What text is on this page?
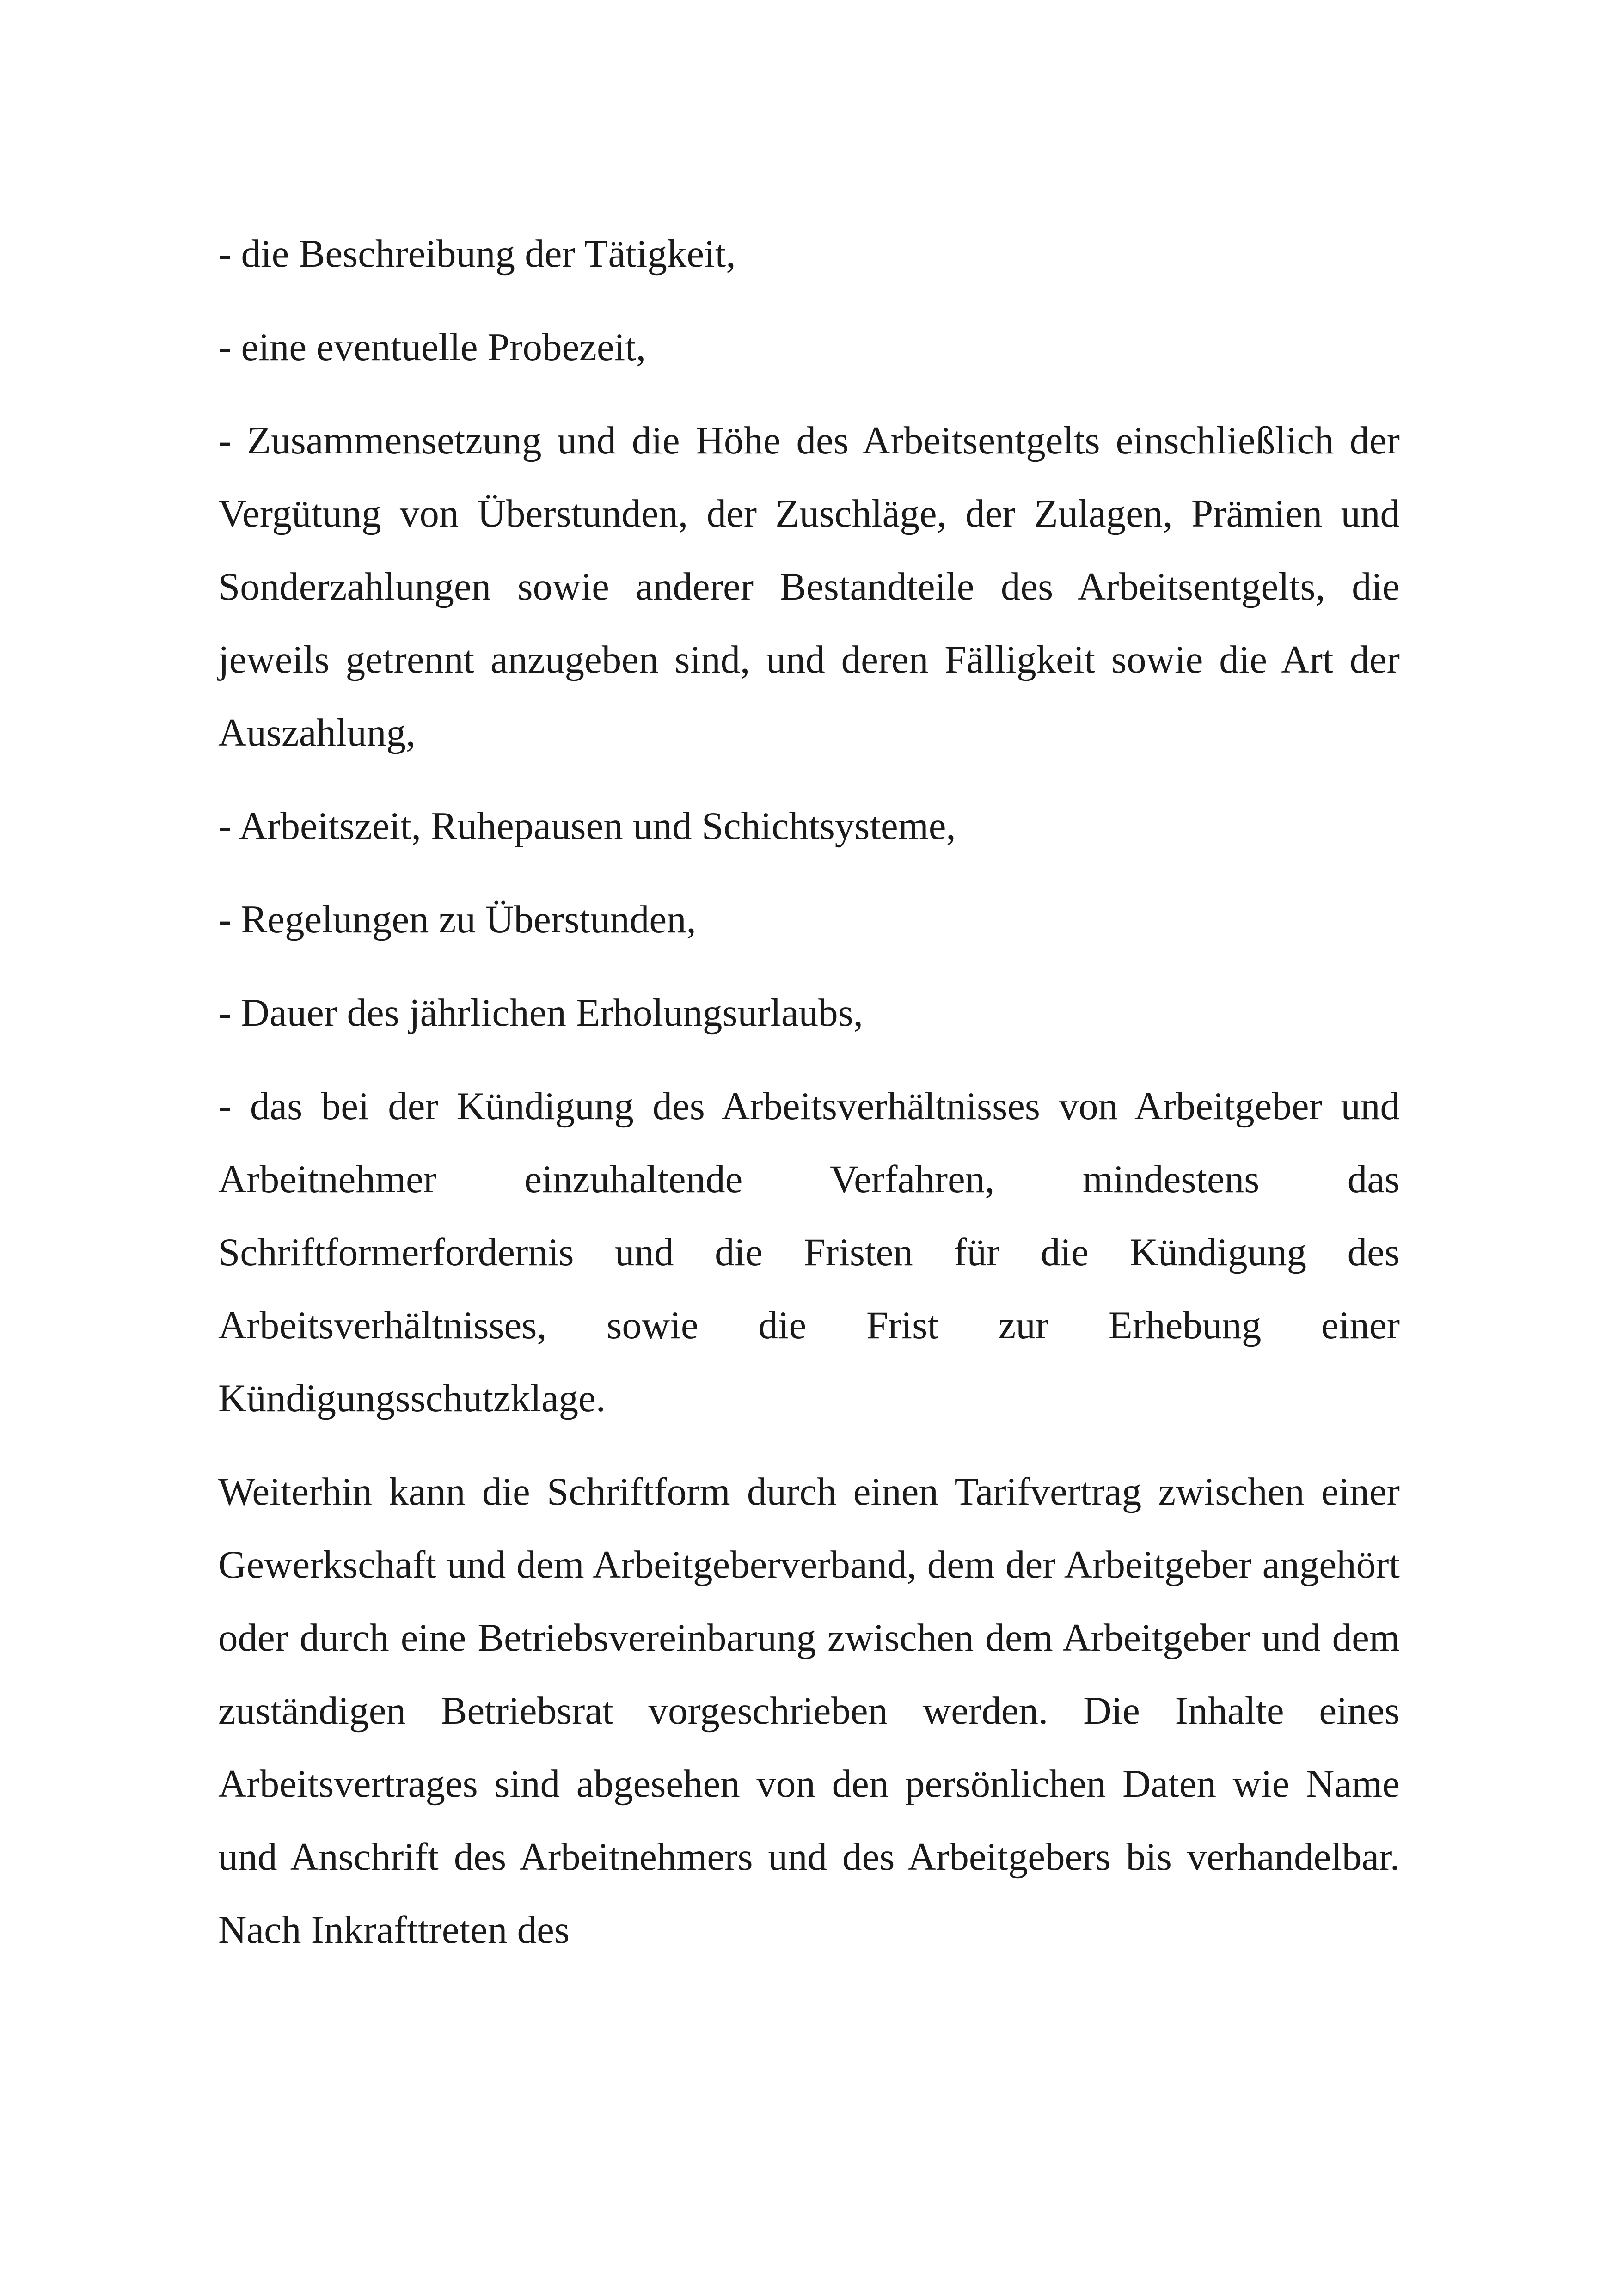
- die Beschreibung der Tätigkeit,

- eine eventuelle Probezeit,

- Zusammensetzung und die Höhe des Arbeitsentgelts einschließlich der Vergütung von Überstunden, der Zuschläge, der Zulagen, Prämien und Sonderzahlungen sowie anderer Bestandteile des Arbeitsentgelts, die jeweils getrennt anzugeben sind, und deren Fälligkeit sowie die Art der Auszahlung,

- Arbeitszeit, Ruhepausen und Schichtsysteme,

- Regelungen zu Überstunden,

- Dauer des jährlichen Erholungsurlaubs,

- das bei der Kündigung des Arbeitsverhältnisses von Arbeitgeber und Arbeitnehmer einzuhaltende Verfahren, mindestens das Schriftformerfordernis und die Fristen für die Kündigung des Arbeitsverhältnisses, sowie die Frist zur Erhebung einer Kündigungsschutzklage.

Weiterhin kann die Schriftform durch einen Tarifvertrag zwischen einer Gewerkschaft und dem Arbeitgeberverband, dem der Arbeitgeber angehört oder durch eine Betriebsvereinbarung zwischen dem Arbeitgeber und dem zuständigen Betriebsrat vorgeschrieben werden. Die Inhalte eines Arbeitsvertrages sind abgesehen von den persönlichen Daten wie Name und Anschrift des Arbeitnehmers und des Arbeitgebers bis verhandelbar. Nach Inkrafttreten des
